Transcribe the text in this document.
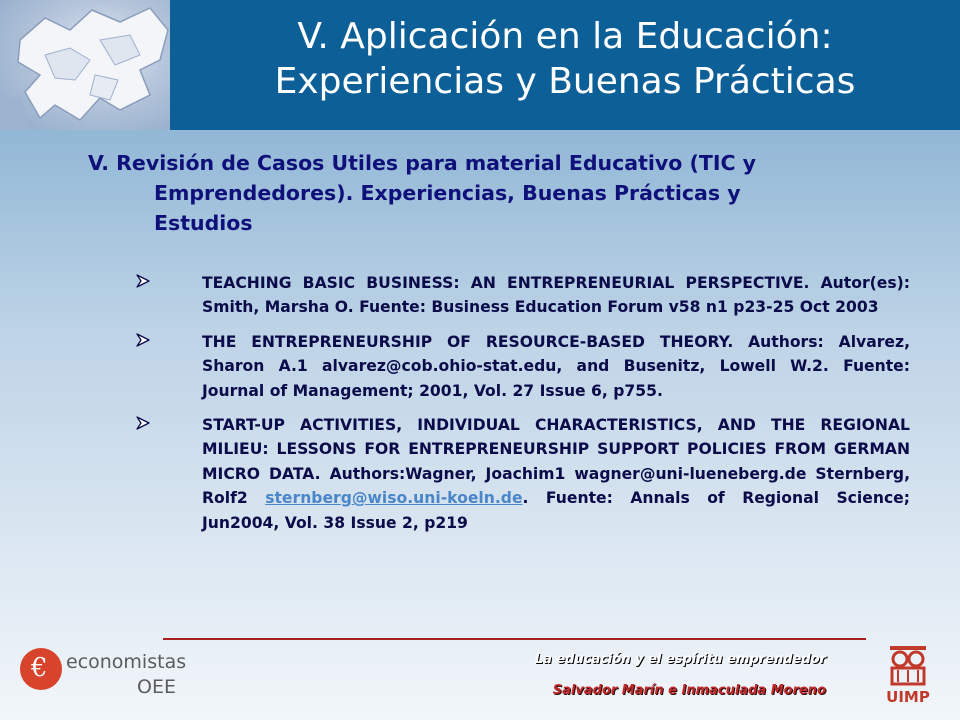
V. Aplicación en la Educación:
Experiencias y Buenas Prácticas
V. Revisión de Casos Utiles para material Educativo (TIC y
Emprendedores). Experiencias, Buenas Prácticas y
Estudios
TEACHING BASIC BUSINESS: AN ENTREPRENEURIAL PERSPECTIVE. Autor(es): Smith, Marsha O. Fuente: Business Education Forum v58 n1 p23-25 Oct 2003
THE ENTREPRENEURSHIP OF RESOURCE-BASED THEORY. Authors: Alvarez, Sharon A.1 alvarez@cob.ohio-stat.edu, and Busenitz, Lowell W.2. Fuente: Journal of Management; 2001, Vol. 27 Issue 6, p755.
START-UP ACTIVITIES, INDIVIDUAL CHARACTERISTICS, AND THE REGIONAL MILIEU: LESSONS FOR ENTREPRENEURSHIP SUPPORT POLICIES FROM GERMAN MICRO DATA. Authors:Wagner, Joachim1 wagner@uni-lueneberg.de Sternberg, Rolf2 sternberg@wiso.uni-koeln.de. Fuente: Annals of Regional Science; Jun2004, Vol. 38 Issue 2, p219
€ economistas
OEE
La educación y el espíritu emprendedor
Salvador Marín e Inmaculada Moreno	UIMP
